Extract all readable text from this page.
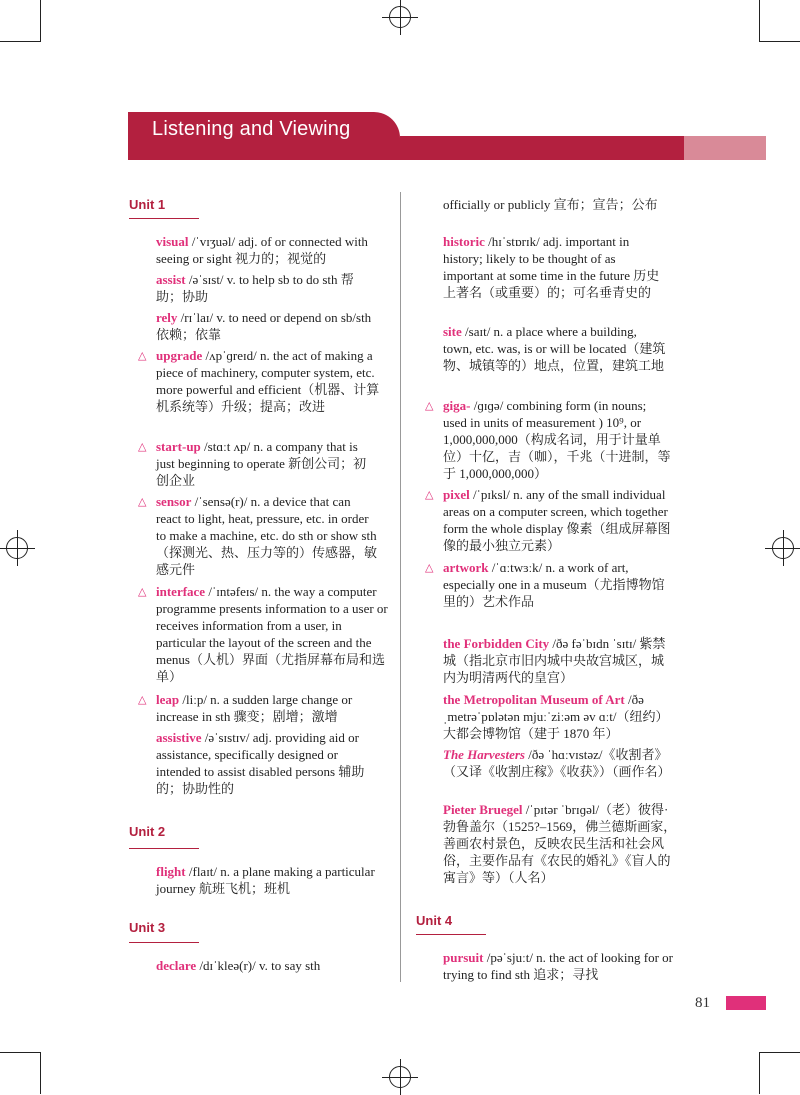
Listening and Viewing
Unit 1
visual /ˈvɪʒuəl/ adj. of or connected with seeing or sight 视力的；视觉的
assist /əˈsɪst/ v. to help sb to do sth 帮助；协助
rely /rɪˈlaɪ/ v. to need or depend on sb/sth 依赖；依靠
△ upgrade /ʌpˈɡreɪd/ n. the act of making a piece of machinery, computer system, etc. more powerful and efficient（机器、计算机系统等）升级；提高；改进
△ start-up /stɑːt ʌp/ n. a company that is just beginning to operate 新创公司；初创企业
△ sensor /ˈsensə(r)/ n. a device that can react to light, heat, pressure, etc. in order to make a machine, etc. do sth or show sth（探测光、热、压力等的）传感器，敏感元件
△ interface /ˈɪntəfeɪs/ n. the way a computer programme presents information to a user or receives information from a user, in particular the layout of the screen and the menus（人机）界面（尤指屏幕布局和选单）
△ leap /liːp/ n. a sudden large change or increase in sth 骤变；剧增；激增
assistive /əˈsɪstɪv/ adj. providing aid or assistance, specifically designed or intended to assist disabled persons 辅助的；协助性的
Unit 2
flight /flaɪt/ n. a plane making a particular journey 航班飞机；班机
Unit 3
declare /dɪˈkleə(r)/ v. to say sth
officially or publicly 宣布；宣告；公布
historic /hɪˈstɒrɪk/ adj. important in history; likely to be thought of as important at some time in the future 历史上著名（或重要）的；可名垂青史的
site /saɪt/ n. a place where a building, town, etc. was, is or will be located（建筑物、城镇等的）地点，位置，建筑工地
△ giga- /ɡɪɡə/ combining form (in nouns; used in units of measurement ) 10⁹, or 1,000,000,000（构成名词，用于计量单位）十亿，吉（咖），千兆（十进制，等于 1,000,000,000）
△ pixel /ˈpɪksl/ n. any of the small individual areas on a computer screen, which together form the whole display 像素（组成屏幕图像的最小独立元素）
△ artwork /ˈɑːtwɜːk/ n. a work of art, especially one in a museum（尤指博物馆里的）艺术作品
the Forbidden City /ðə fəˈbɪdn ˈsɪtɪ/ 紫禁城（指北京市旧内城中央故宫城区，城内为明清两代的皇宫）
the Metropolitan Museum of Art /ðə ˌmetrəˈpɒlətən mjuːˈziːəm əv ɑːt/（纽约）大都会博物馆（建于 1870 年）
The Harvesters /ðə ˈhɑːvɪstəz/《收割者》（又译《收割庄稼》《收获》）（画作名）
Pieter Bruegel /ˈpɪtər ˈbrɪɡəl/（老）彼得·勃鲁盖尔（1525?–1569，佛兰德斯画家，善画农村景色，反映农民生活和社会风俗，主要作品有《农民的婚礼》《盲人的寓言》等）（人名）
Unit 4
pursuit /pəˈsjuːt/ n. the act of looking for or trying to find sth 追求；寻找
81
